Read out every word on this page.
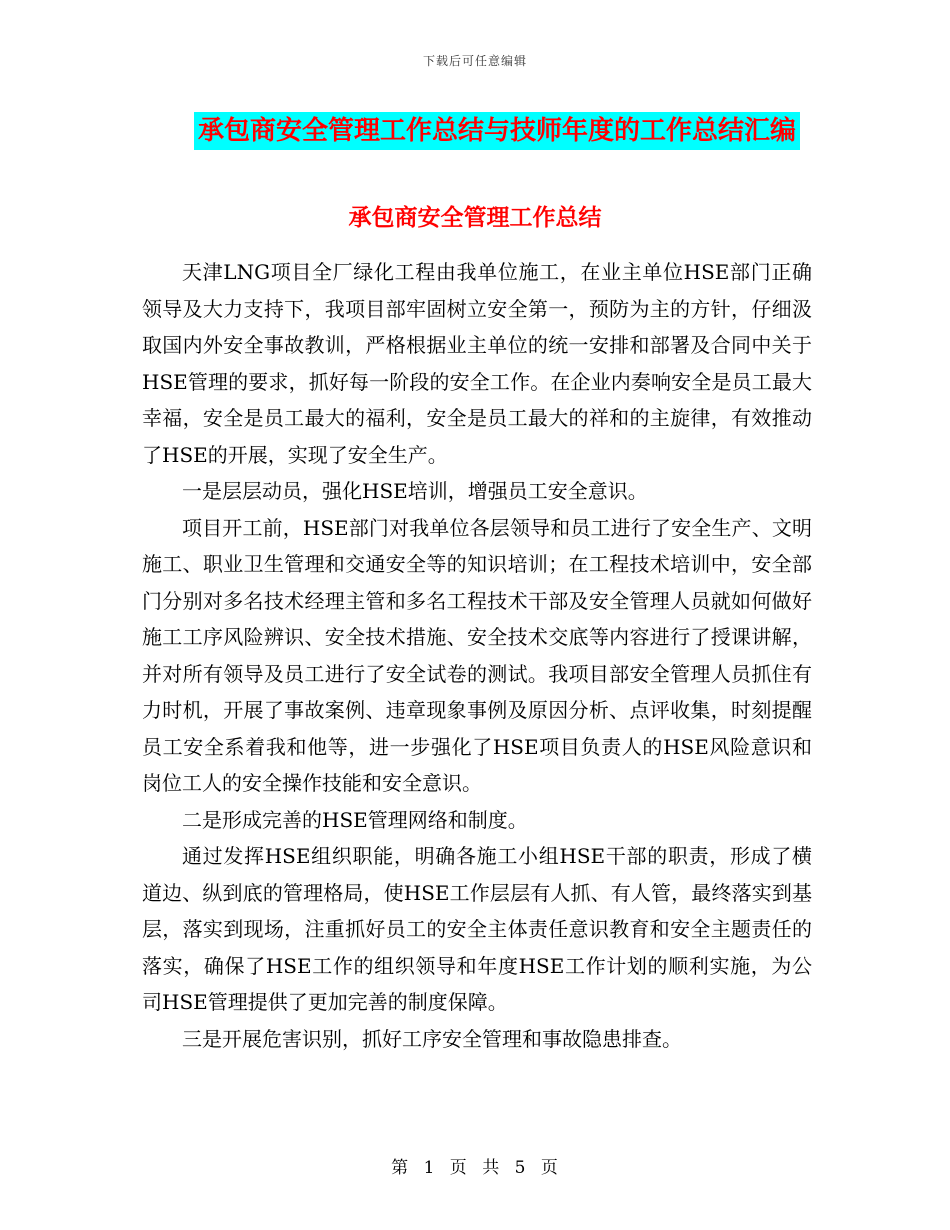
下载后可任意编辑
承包商安全管理工作总结与技师年度的工作总结汇编
承包商安全管理工作总结

天津LNG项目全厂绿化工程由我单位施工，在业主单位HSE部门正确领导及大力支持下，我项目部牢固树立安全第一，预防为主的方针，仔细汲取国内外安全事故教训，严格根据业主单位的统一安排和部署及合同中关于HSE管理的要求，抓好每一阶段的安全工作。在企业内奏响安全是员工最大幸福，安全是员工最大的福利，安全是员工最大的祥和的主旋律，有效推动了HSE的开展，实现了安全生产。

一是层层动员，强化HSE培训，增强员工安全意识。

项目开工前，HSE部门对我单位各层领导和员工进行了安全生产、文明施工、职业卫生管理和交通安全等的知识培训；在工程技术培训中，安全部门分别对多名技术经理主管和多名工程技术干部及安全管理人员就如何做好施工工序风险辨识、安全技术措施、安全技术交底等内容进行了授课讲解，并对所有领导及员工进行了安全试卷的测试。我项目部安全管理人员抓住有力时机，开展了事故案例、违章现象事例及原因分析、点评收集，时刻提醒员工安全系着我和他等，进一步强化了HSE项目负责人的HSE风险意识和岗位工人的安全操作技能和安全意识。

二是形成完善的HSE管理网络和制度。

通过发挥HSE组织职能，明确各施工小组HSE干部的职责，形成了横道边、纵到底的管理格局，使HSE工作层层有人抓、有人管，最终落实到基层，落实到现场，注重抓好员工的安全主体责任意识教育和安全主题责任的落实，确保了HSE工作的组织领导和年度HSE工作计划的顺利实施，为公司HSE管理提供了更加完善的制度保障。

三是开展危害识别，抓好工序安全管理和事故隐患排查。

第 1 页 共 5 页
